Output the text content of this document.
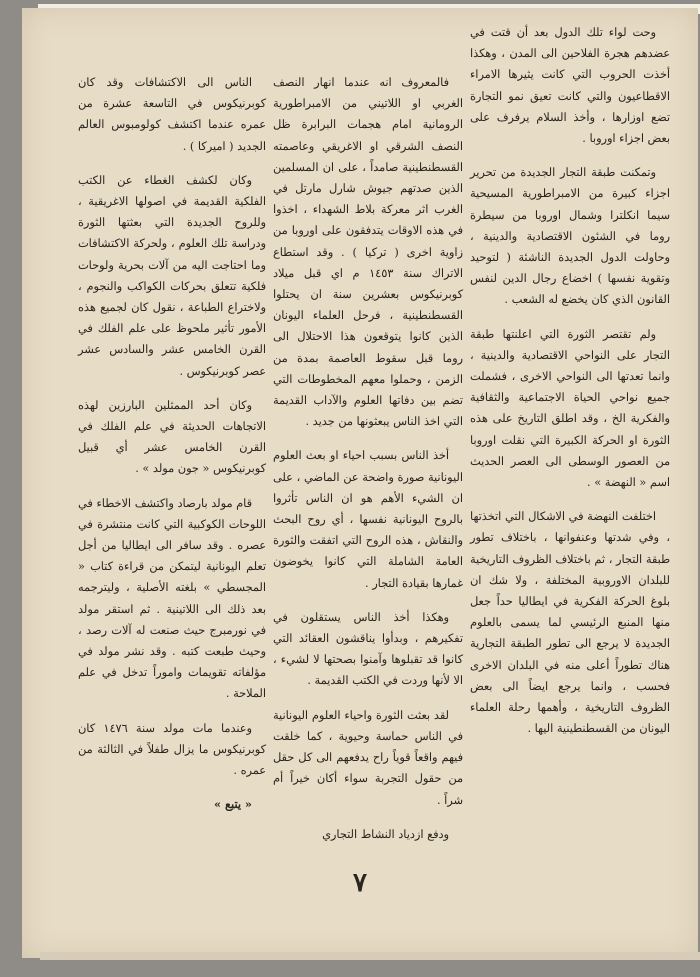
وحت لواء تلك الدول بعد أن قتت في عضدهم هجرة الفلاحين الى المدن ، وهكذا أخذت الحروب التي كانت يثيرها الامراء الاقطاعيون والتي كانت تعيق نمو التجارة تضع اوزارها ، وأخذ السلام يرفرف على بعض اجزاء اوروبا .

وتمكنت طبقة التجار الجديدة من تحرير اجزاء كبيرة من الامبراطورية المسيحية سيما انكلترا وشمال اوروبا من سيطرة روما في الشئون الاقتصادية والدينية ، وحاولت الدول الجديدة الناشئة ( لتوحيد وتقوية نفسها ) اخضاع رجال الدين لنفس القانون الذي كان يخضع له الشعب .

ولم تقتصر الثورة التي اعلنتها طبقة التجار على النواحي الاقتصادية والدينية ، وانما تعدتها الى النواحي الاخرى ، فشملت جميع نواحي الحياة الاجتماعية والثقافية والفكرية الخ ، وقد اطلق التاريخ على هذه الثورة او الحركة الكبيرة التي نقلت اوروبا من العصور الوسطى الى العصر الحديث اسم « النهضة » .

اختلفت النهضة في الاشكال التي اتخذتها ، وفي شدتها وعنفوانها ، باختلاف تطور طبقة التجار ، ثم باختلاف الظروف التاريخية للبلدان الاوروبية المختلفة ، ولا شك ان بلوغ الحركة الفكرية في ايطاليا حداً جعل منها المنبع الرئيسي لما يسمى بالعلوم الجديدة لا يرجع الى تطور الطبقة التجارية هناك تطوراً أعلى منه في البلدان الاخرى فحسب ، وانما يرجع ايضاً الى بعض الظروف التاريخية ، وأهمها رحلة العلماء اليونان من القسطنطينية اليها .

فالمعروف انه عندما انهار النصف الغربي او اللاتيني من الامبراطورية الرومانية امام هجمات البرابرة ظل النصف الشرقي او الاغريقي وعاصمته القسطنطينية صامداً ، على ان المسلمين الذين صدتهم جيوش شارل مارتل في الغرب اثر معركة بلاط الشهداء ، اخذوا في هذه الاوقات يتدفقون على اوروبا من زاوية اخرى ( تركيا ) . وقد استطاع الاتراك سنة ١٤٥٣ م اي قبل ميلاد كوبرنيكوس بعشرين سنة ان يحتلوا القسطنطينية ، فرحل العلماء اليونان الذين كانوا يتوقعون هذا الاحتلال الى روما قبل سقوط العاصمة بمدة من الزمن ، وحملوا معهم المخطوطات التي تضم بين دفاتها العلوم والآداب القديمة التي اخذ الناس يبعثونها من جديد .

أخذ الناس بسبب احياء او بعث العلوم اليونانية صورة واضحة عن الماضي ، على ان الشيء الأهم هو ان الناس تأثروا بالروح اليونانية نفسها ، أي روح البحث والنقاش ، هذه الروح التي اتفقت والثورة العامة الشاملة التي كانوا يخوضون غمارها بقيادة التجار .

وهكذا أخذ الناس يستقلون في تفكيرهم ، وبدأوا يناقشون العقائد التي كانوا قد تقبلوها وآمنوا بصحتها لا لشيء ، الا لأنها وردت في الكتب القديمة .

لقد بعثت الثورة واحياء العلوم اليونانية في الناس حماسة وحيوية ، كما خلقت فيهم واقعاً قوياً راح يدفعهم الى كل حقل من حقول التجربة سواء أكان خيراً أم شراً .

ودفع ازدياد النشاط التجاري

الناس الى الاكتشافات وقد كان كوبرنيكوس في التاسعة عشرة من عمره عندما اكتشف كولومبوس العالم الجديد ( اميركا ) .

وكان لكشف الغطاء عن الكتب الفلكية القديمة في اصولها الاغريقية ، وللروح الجديدة التي بعثتها الثورة ودراسة تلك العلوم ، ولحركة الاكتشافات وما احتاجت اليه من آلات بحرية ولوحات فلكية تتعلق بحركات الكواكب والنجوم ، ولاختراع الطباعة ، نقول كان لجميع هذه الأمور تأثير ملحوظ على علم الفلك في القرن الخامس عشر والسادس عشر عصر كوبرنيكوس .

وكان أحد الممثلين البارزين لهذه الاتجاهات الحديثة في علم الفلك في القرن الخامس عشر أي قبيل كوبرنيكوس « جون مولد » .

قام مولد بارصاد واكتشف الاخطاء في اللوحات الكوكبية التي كانت منتشرة في عصره . وقد سافر الى ايطاليا من أجل تعلم اليونانية ليتمكن من قراءة كتاب « المجسطي » بلغته الأصلية ، وليترجمه بعد ذلك الى اللاتينية . ثم استقر مولد في نورمبرج حيث صنعت له آلات رصد ، وحيث طبعت كتبه . وقد نشر مولد في مؤلفاته تقويمات واموراً تدخل في علم الملاحة .

وعندما مات مولد سنة ١٤٧٦ كان كوبرنيكوس ما يزال طفلاً في الثالثة من عمره .

« يتبع »

٧
